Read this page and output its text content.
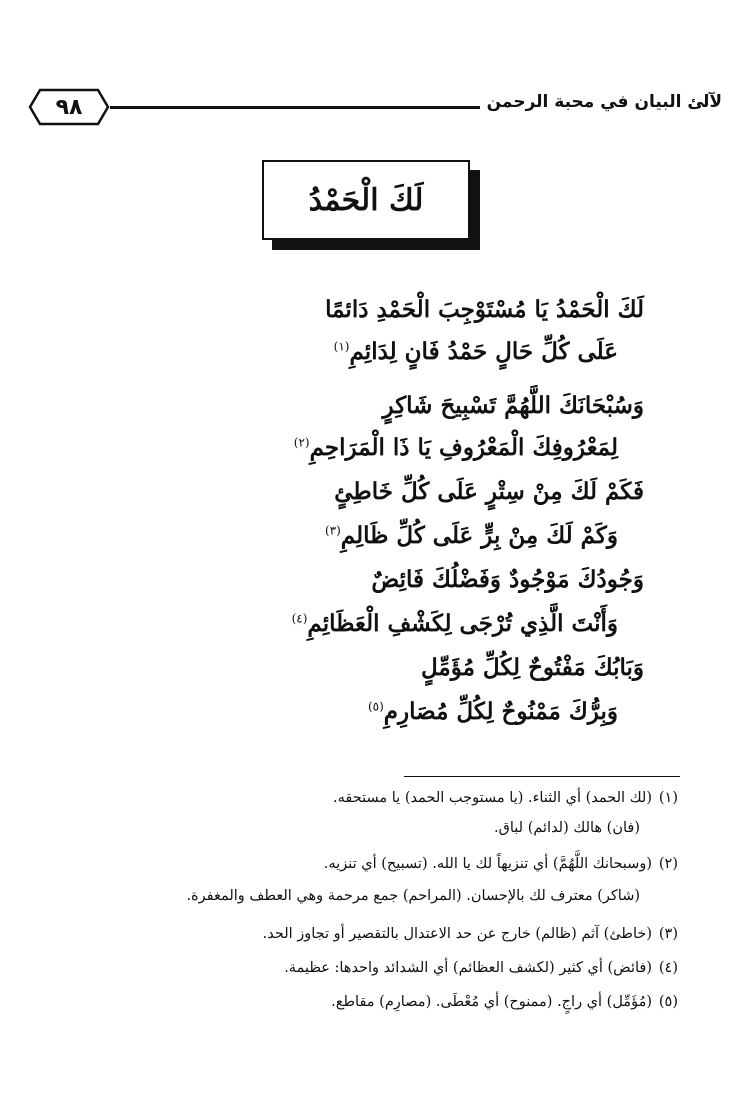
٩٨	لآلئ البيان في محبة الرحمن
لَكَ الْحَمْدُ
لَكَ الْحَمْدُ يَا مُسْتَوْجِبَ الْحَمْدِ دَائمًا
عَلَى كُلِّ حَالٍ حَمْدُ فَانٍ لِدَائِمِ$^{(١)}$
وَسُبْحَانَكَ اللَّهُمَّ تَسْبِيحَ شَاكِرٍ
لِمَعْرُوفِكَ الْمَعْرُوفِ يَا ذَا الْمَرَاحِمِ$^{(٢)}$
فَكَمْ لَكَ مِنْ سِتْرٍ عَلَى كُلِّ خَاطِئٍ
وَكَمْ لَكَ مِنْ بِرٍّ عَلَى كُلِّ ظَالِمِ$^{(٣)}$
وَجُودُكَ مَوْجُودٌ وَفَضْلُكَ فَائِضٌ
وَأَنْتَ الَّذِي تُرْجَى لِكَشْفِ الْعَظَائِمِ$^{(٤)}$
وَبَابُكَ مَفْتُوحٌ لِكُلِّ مُؤَمِّلٍ
وَبِرُّكَ مَمْنُوحٌ لِكُلِّ مُصَارِمِ$^{(٥)}$
(١)(لك الحمد) أي الثناء. (يا مستوجب الحمد) يا مستحقه.
(فان) هالك (لدائم) لباق.
(٢)(وسبحانك اللَّهُمَّ) أي تنزيهاً لك يا الله. (تسبيح) أي تنزيه.
(شاكر) معترف لك بالإحسان. (المراحم) جمع مرحمة وهي العطف والمغفرة.
(٣)(خاطئ) آثم (ظالم) خارج عن حد الاعتدال بالتقصير أو تجاوز الحد.
(٤)(فائض) أي كثير (لكشف العظائم) أي الشدائد واحدها: عظيمة.
(٥)(مُؤَمِّل) أي راجٍ. (ممنوح) أي مُعْطَى. (مصارِم) مقاطع.
